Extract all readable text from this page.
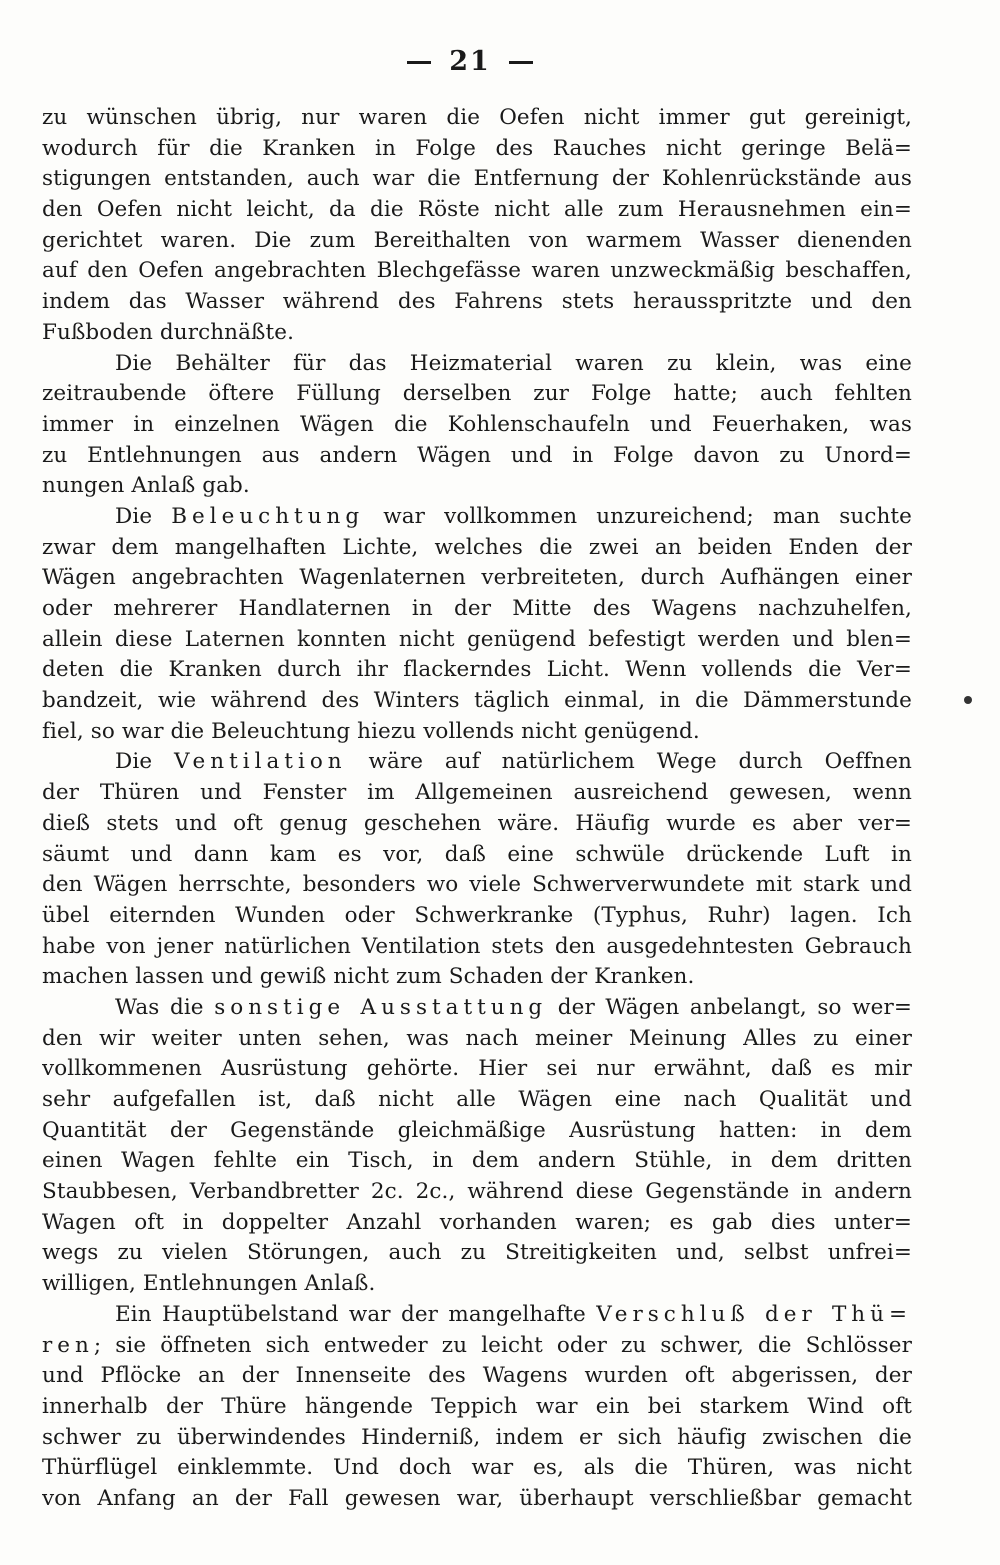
21
zu wünschen übrig, nur waren die Oefen nicht immer gut gereinigt,
wodurch für die Kranken in Folge des Rauches nicht geringe Belä=
stigungen entstanden, auch war die Entfernung der Kohlenrückstände aus
den Oefen nicht leicht, da die Röste nicht alle zum Herausnehmen ein=
gerichtet waren. Die zum Bereithalten von warmem Wasser dienenden
auf den Oefen angebrachten Blechgefässe waren unzweckmäßig beschaffen,
indem das Wasser während des Fahrens stets herausspritzte und den
Fußboden durchnäßte.
Die Behälter für das Heizmaterial waren zu klein, was eine
zeitraubende öftere Füllung derselben zur Folge hatte; auch fehlten
immer in einzelnen Wägen die Kohlenschaufeln und Feuerhaken, was
zu Entlehnungen aus andern Wägen und in Folge davon zu Unord=
nungen Anlaß gab.
Die Beleuchtung war vollkommen unzureichend; man suchte
zwar dem mangelhaften Lichte, welches die zwei an beiden Enden der
Wägen angebrachten Wagenlaternen verbreiteten, durch Aufhängen einer
oder mehrerer Handlaternen in der Mitte des Wagens nachzuhelfen,
allein diese Laternen konnten nicht genügend befestigt werden und blen=
deten die Kranken durch ihr flackerndes Licht. Wenn vollends die Ver=
bandzeit, wie während des Winters täglich einmal, in die Dämmerstunde
fiel, so war die Beleuchtung hiezu vollends nicht genügend.
Die Ventilation wäre auf natürlichem Wege durch Oeffnen
der Thüren und Fenster im Allgemeinen ausreichend gewesen, wenn
dieß stets und oft genug geschehen wäre. Häufig wurde es aber ver=
säumt und dann kam es vor, daß eine schwüle drückende Luft in
den Wägen herrschte, besonders wo viele Schwerverwundete mit stark und
übel eiternden Wunden oder Schwerkranke (Typhus, Ruhr) lagen. Ich
habe von jener natürlichen Ventilation stets den ausgedehntesten Gebrauch
machen lassen und gewiß nicht zum Schaden der Kranken.
Was die sonstige Ausstattung der Wägen anbelangt, so wer=
den wir weiter unten sehen, was nach meiner Meinung Alles zu einer
vollkommenen Ausrüstung gehörte. Hier sei nur erwähnt, daß es mir
sehr aufgefallen ist, daß nicht alle Wägen eine nach Qualität und
Quantität der Gegenstände gleichmäßige Ausrüstung hatten: in dem
einen Wagen fehlte ein Tisch, in dem andern Stühle, in dem dritten
Staubbesen, Verbandbretter 2c. 2c., während diese Gegenstände in andern
Wagen oft in doppelter Anzahl vorhanden waren; es gab dies unter=
wegs zu vielen Störungen, auch zu Streitigkeiten und, selbst unfrei=
willigen, Entlehnungen Anlaß.
Ein Hauptübelstand war der mangelhafte Verschluß der Thü=
ren; sie öffneten sich entweder zu leicht oder zu schwer, die Schlösser
und Pflöcke an der Innenseite des Wagens wurden oft abgerissen, der
innerhalb der Thüre hängende Teppich war ein bei starkem Wind oft
schwer zu überwindendes Hinderniß, indem er sich häufig zwischen die
Thürflügel einklemmte. Und doch war es, als die Thüren, was nicht
von Anfang an der Fall gewesen war, überhaupt verschließbar gemacht
